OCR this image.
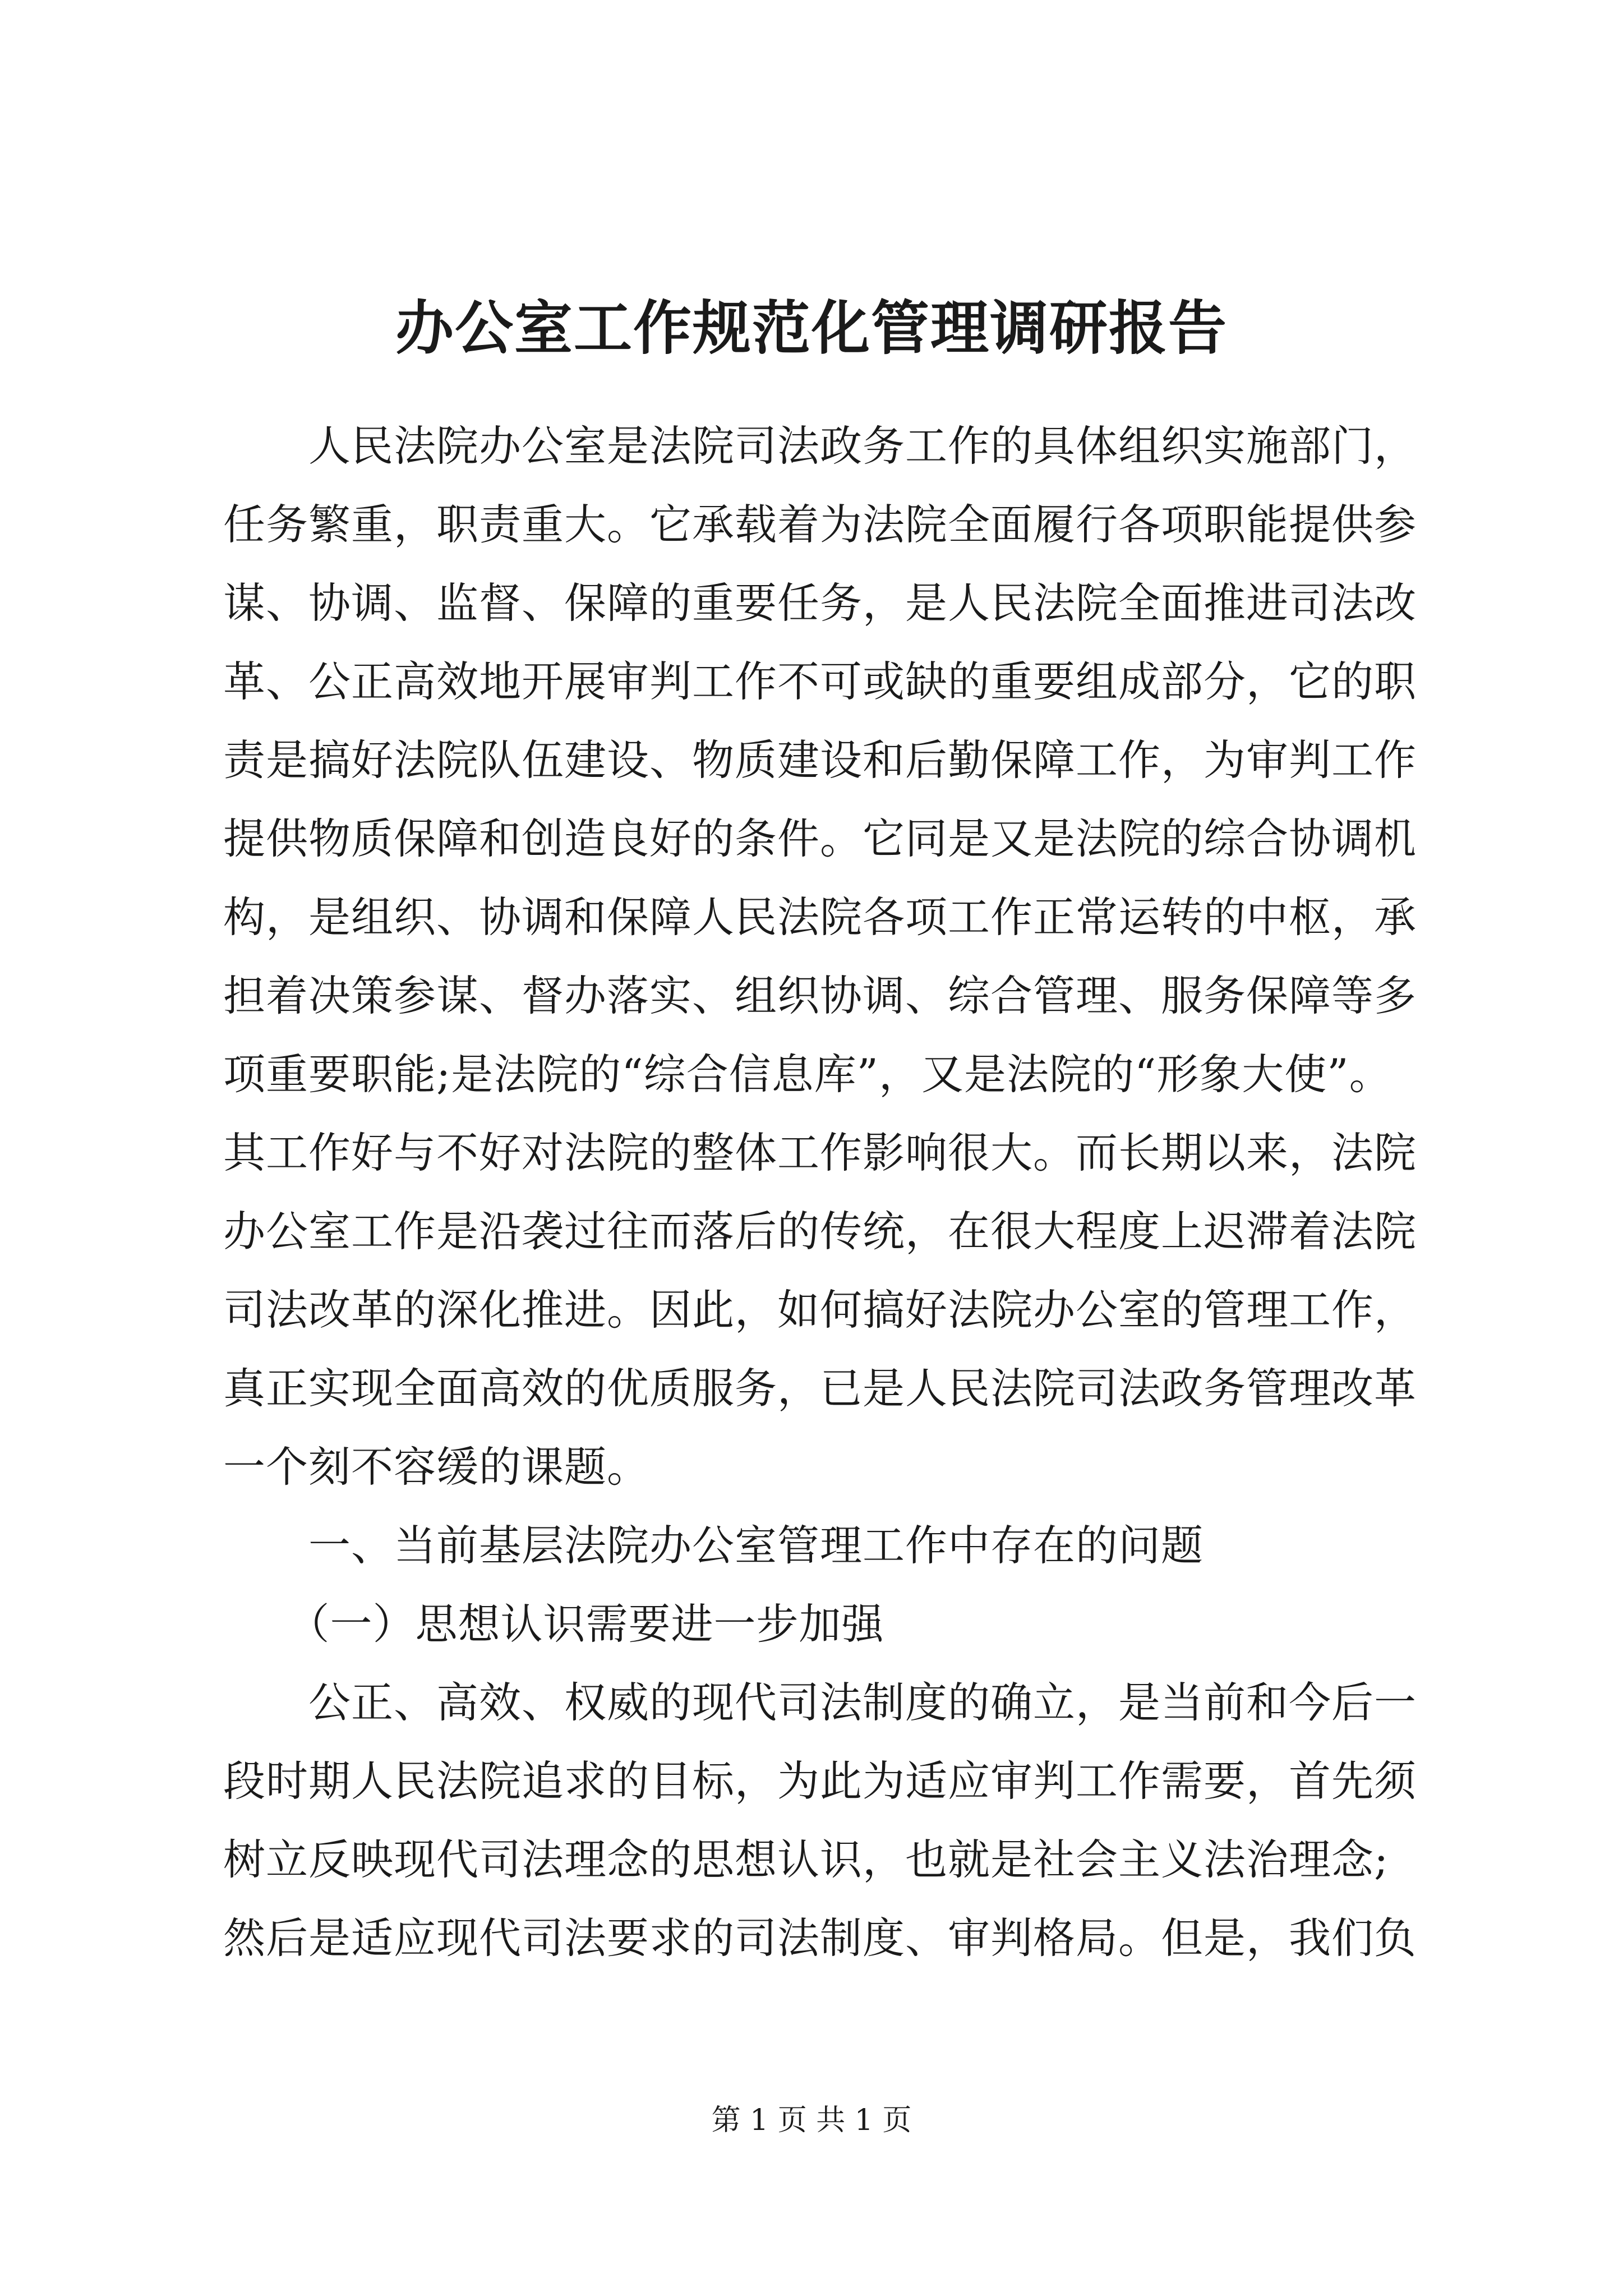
办公室工作规范化管理调研报告
　　人民法院办公室是法院司法政务工作的具体组织实施部门，
任务繁重，职责重大。它承载着为法院全面履行各项职能提供参
谋、协调、监督、保障的重要任务，是人民法院全面推进司法改
革、公正高效地开展审判工作不可或缺的重要组成部分，它的职
责是搞好法院队伍建设、物质建设和后勤保障工作，为审判工作
提供物质保障和创造良好的条件。它同是又是法院的综合协调机
构，是组织、协调和保障人民法院各项工作正常运转的中枢，承
担着决策参谋、督办落实、组织协调、综合管理、服务保障等多
项重要职能;是法院的“综合信息库”，又是法院的“形象大使”。
其工作好与不好对法院的整体工作影响很大。而长期以来，法院
办公室工作是沿袭过往而落后的传统，在很大程度上迟滞着法院
司法改革的深化推进。因此，如何搞好法院办公室的管理工作，
真正实现全面高效的优质服务，已是人民法院司法政务管理改革
一个刻不容缓的课题。
　　一、当前基层法院办公室管理工作中存在的问题
　　（一）思想认识需要进一步加强
　　公正、高效、权威的现代司法制度的确立，是当前和今后一
段时期人民法院追求的目标，为此为适应审判工作需要，首先须
树立反映现代司法理念的思想认识，也就是社会主义法治理念;
然后是适应现代司法要求的司法制度、审判格局。但是，我们负
第 1 页 共 1 页
